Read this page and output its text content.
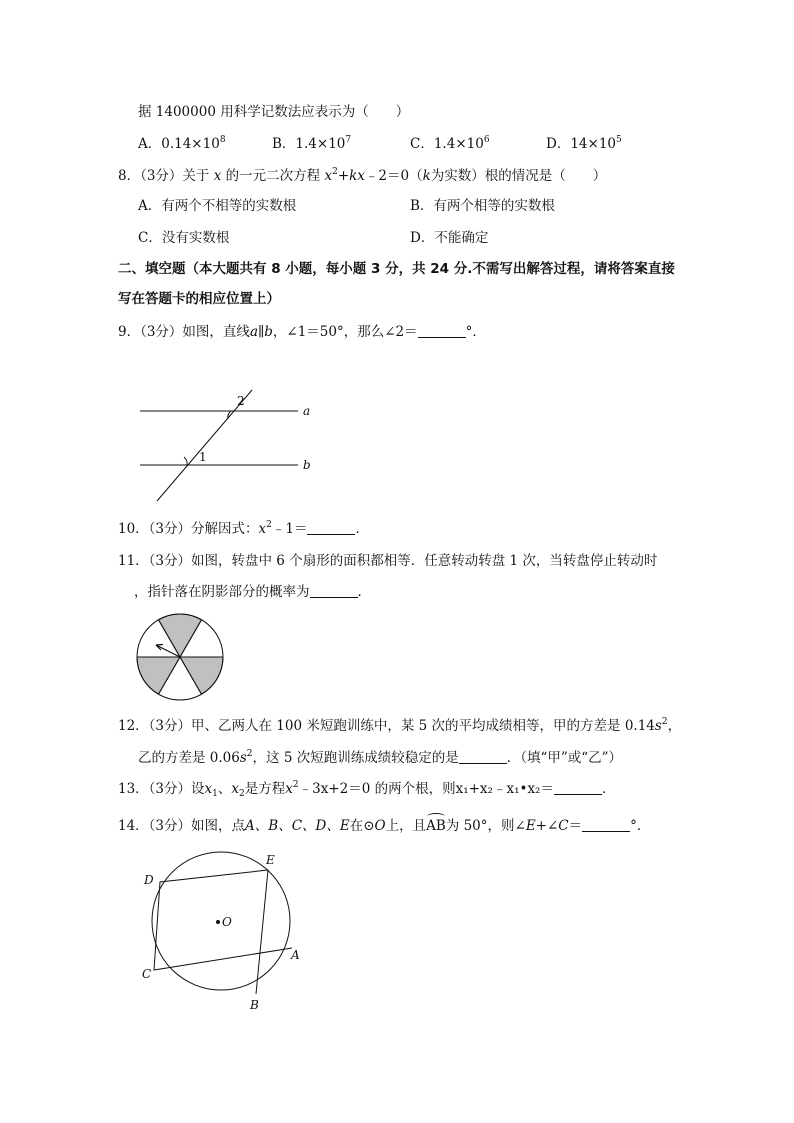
据 1400000 用科学记数法应表示为（　　）
A．$0.14\times 10^8$	B．$1.4\times 10^7$	C．$1.4\times 10^6$	D．$14\times 10^5$
8．（3分）关于 x 的一元二次方程 $x^2+kx﹣2=0(k$为实数）根的情况是（　　）
A．有两个不相等的实数根	B．有两个相等的实数根
C．没有实数根	D．不能确定
二、填空题（本大题共有 8 小题，每小题 3 分，共 24 分.不需写出解答过程，请将答案直接
写在答题卡的相应位置上）
9．（3分）如图，直线a∥b，∠1＝50°，那么∠2＝	°．
1
2
a
b
10．（3分）分解因式：$x^2﹣1=$	．
11．（3分）如图，转盘中 6 个扇形的面积都相等．任意转动转盘 1 次，当转盘停止转动时
，指针落在阴影部分的概率为	．
12．（3分）甲、乙两人在 100 米短跑训练中，某 5 次的平均成绩相等，甲的方差是 $0.14s^2$，
乙的方差是 $0.06s^2$，这 5 次短跑训练成绩较稳定的是	．（填“甲”或“乙”）
13．（3分）设$x_1$、$x_2$是方程$x^2﹣3x+2=0$ 的两个根，则x₁+x₂﹣x₁•x₂＝	．
14．（3分）如图，点A、B、C、D、E在⊙O上，且AB为 50°，则∠E+∠C＝	°．
D
E
O
A
C
B
